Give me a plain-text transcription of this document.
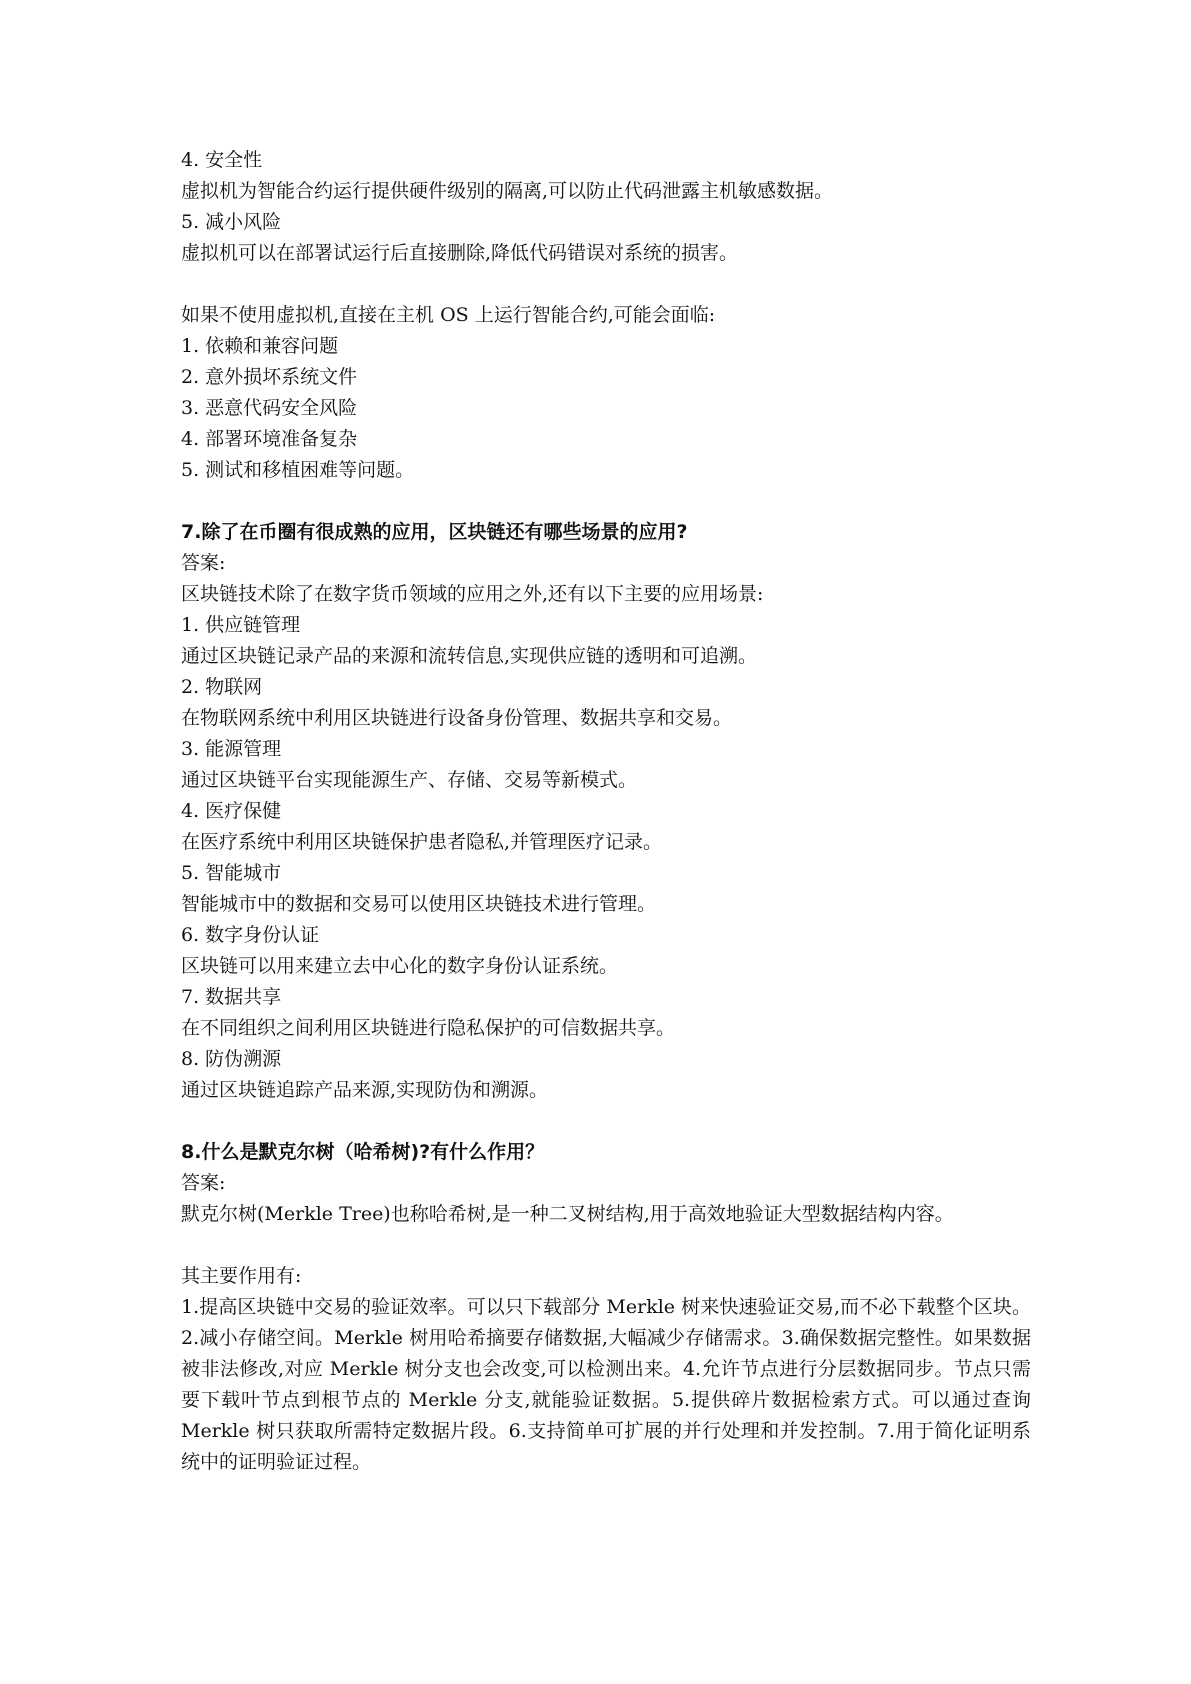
4. 安全性
虚拟机为智能合约运行提供硬件级别的隔离,可以防止代码泄露主机敏感数据。
5. 减小风险
虚拟机可以在部署试运行后直接删除,降低代码错误对系统的损害。
如果不使用虚拟机,直接在主机 OS 上运行智能合约,可能会面临:
1. 依赖和兼容问题
2. 意外损坏系统文件
3. 恶意代码安全风险
4. 部署环境准备复杂
5. 测试和移植困难等问题。
7.除了在币圈有很成熟的应用，区块链还有哪些场景的应用?
答案:
区块链技术除了在数字货币领域的应用之外,还有以下主要的应用场景:
1. 供应链管理
通过区块链记录产品的来源和流转信息,实现供应链的透明和可追溯。
2. 物联网
在物联网系统中利用区块链进行设备身份管理、数据共享和交易。
3. 能源管理
通过区块链平台实现能源生产、存储、交易等新模式。
4. 医疗保健
在医疗系统中利用区块链保护患者隐私,并管理医疗记录。
5. 智能城市
智能城市中的数据和交易可以使用区块链技术进行管理。
6. 数字身份认证
区块链可以用来建立去中心化的数字身份认证系统。
7. 数据共享
在不同组织之间利用区块链进行隐私保护的可信数据共享。
8. 防伪溯源
通过区块链追踪产品来源,实现防伪和溯源。
8.什么是默克尔树（哈希树)?有什么作用？
答案:
默克尔树(Merkle Tree)也称哈希树,是一种二叉树结构,用于高效地验证大型数据结构内容。
其主要作用有:
1.提高区块链中交易的验证效率。可以只下载部分 Merkle 树来快速验证交易,而不必下载整个区块。2.减小存储空间。Merkle 树用哈希摘要存储数据,大幅减少存储需求。3.确保数据完整性。如果数据被非法修改,对应 Merkle 树分支也会改变,可以检测出来。4.允许节点进行分层数据同步。节点只需要下载叶节点到根节点的 Merkle 分支,就能验证数据。5.提供碎片数据检索方式。可以通过查询 Merkle 树只获取所需特定数据片段。6.支持简单可扩展的并行处理和并发控制。7.用于简化证明系统中的证明验证过程。
